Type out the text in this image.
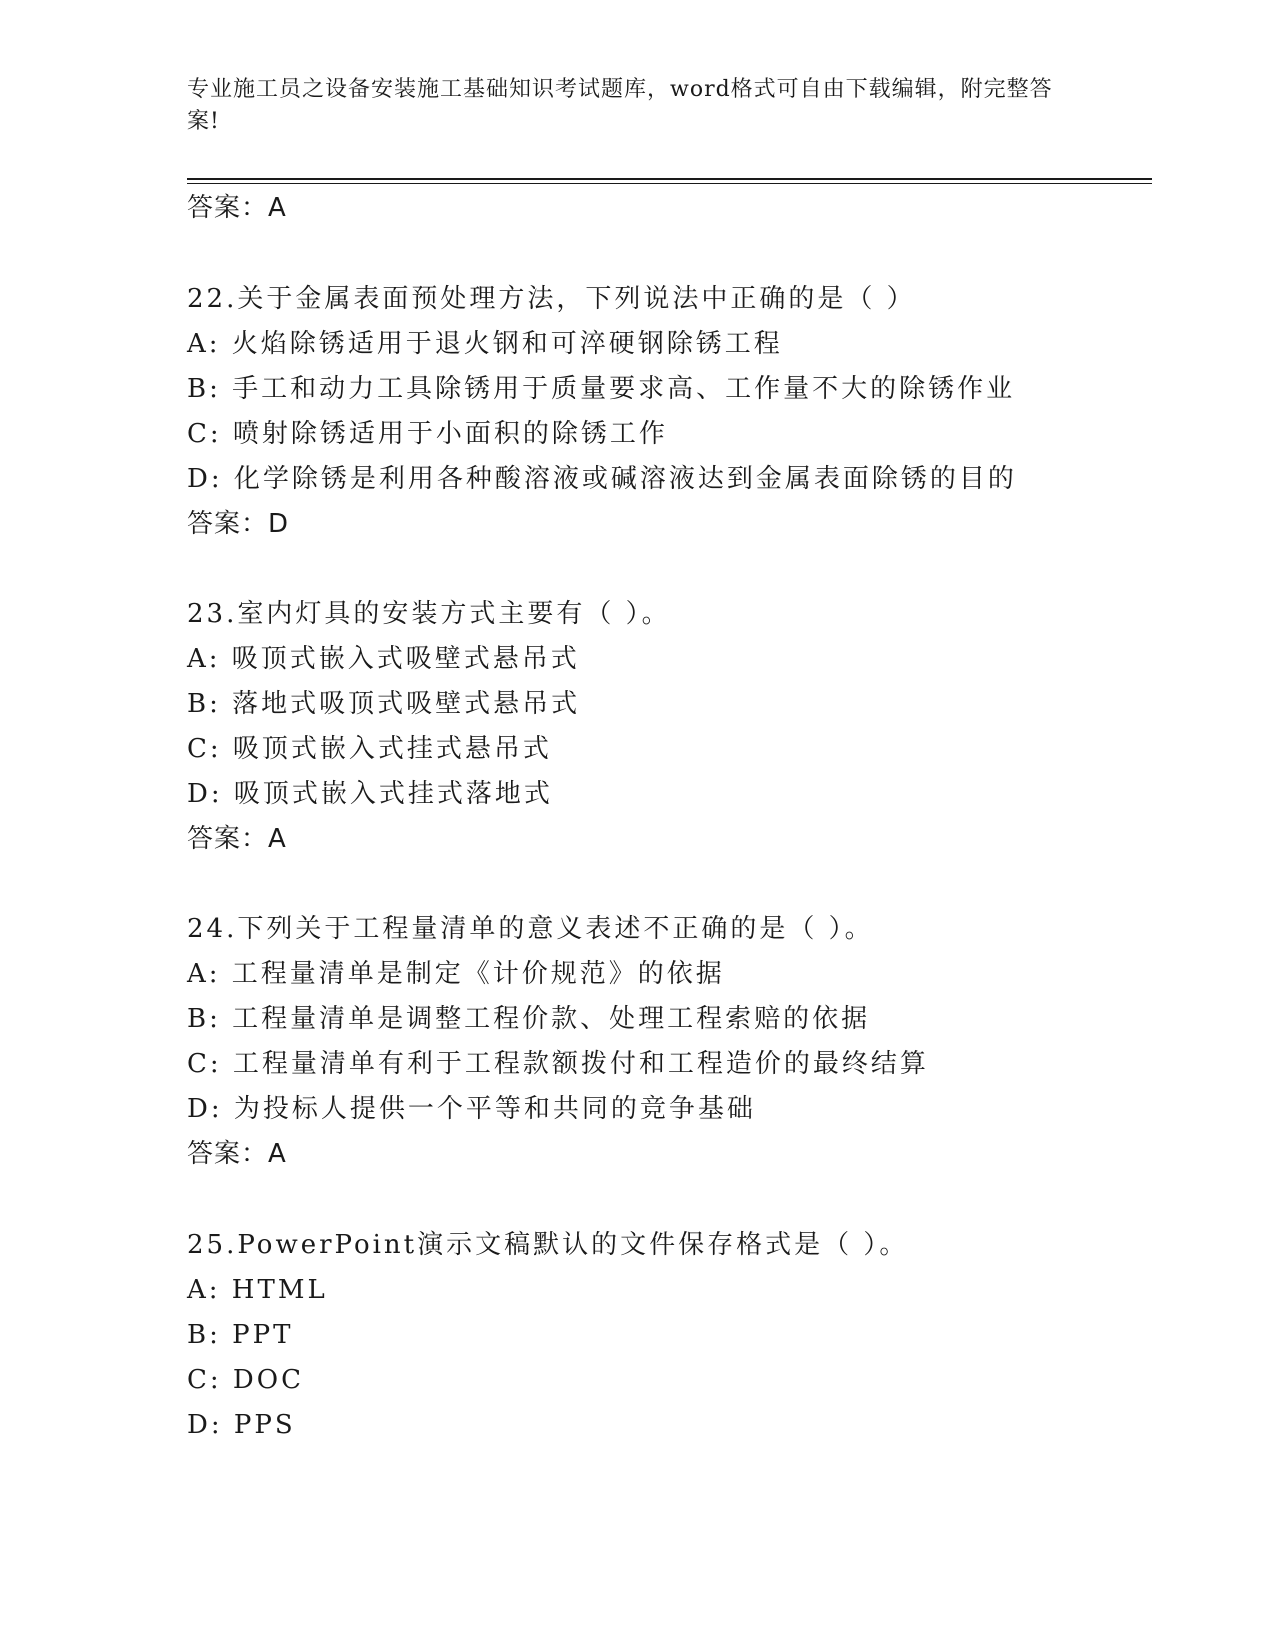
专业施工员之设备安装施工基础知识考试题库，word格式可自由下载编辑，附完整答案!
答案：A
22.关于金属表面预处理方法，下列说法中正确的是（ ）
A: 火焰除锈适用于退火钢和可淬硬钢除锈工程
B: 手工和动力工具除锈用于质量要求高、工作量不大的除锈作业
C: 喷射除锈适用于小面积的除锈工作
D: 化学除锈是利用各种酸溶液或碱溶液达到金属表面除锈的目的
答案：D
23.室内灯具的安装方式主要有（ ）。
A: 吸顶式嵌入式吸壁式悬吊式
B: 落地式吸顶式吸壁式悬吊式
C: 吸顶式嵌入式挂式悬吊式
D: 吸顶式嵌入式挂式落地式
答案：A
24.下列关于工程量清单的意义表述不正确的是（ ）。
A: 工程量清单是制定《计价规范》的依据
B: 工程量清单是调整工程价款、处理工程索赔的依据
C: 工程量清单有利于工程款额拨付和工程造价的最终结算
D: 为投标人提供一个平等和共同的竞争基础
答案：A
25.PowerPoint演示文稿默认的文件保存格式是（ ）。
A: HTML
B: PPT
C: DOC
D: PPS
